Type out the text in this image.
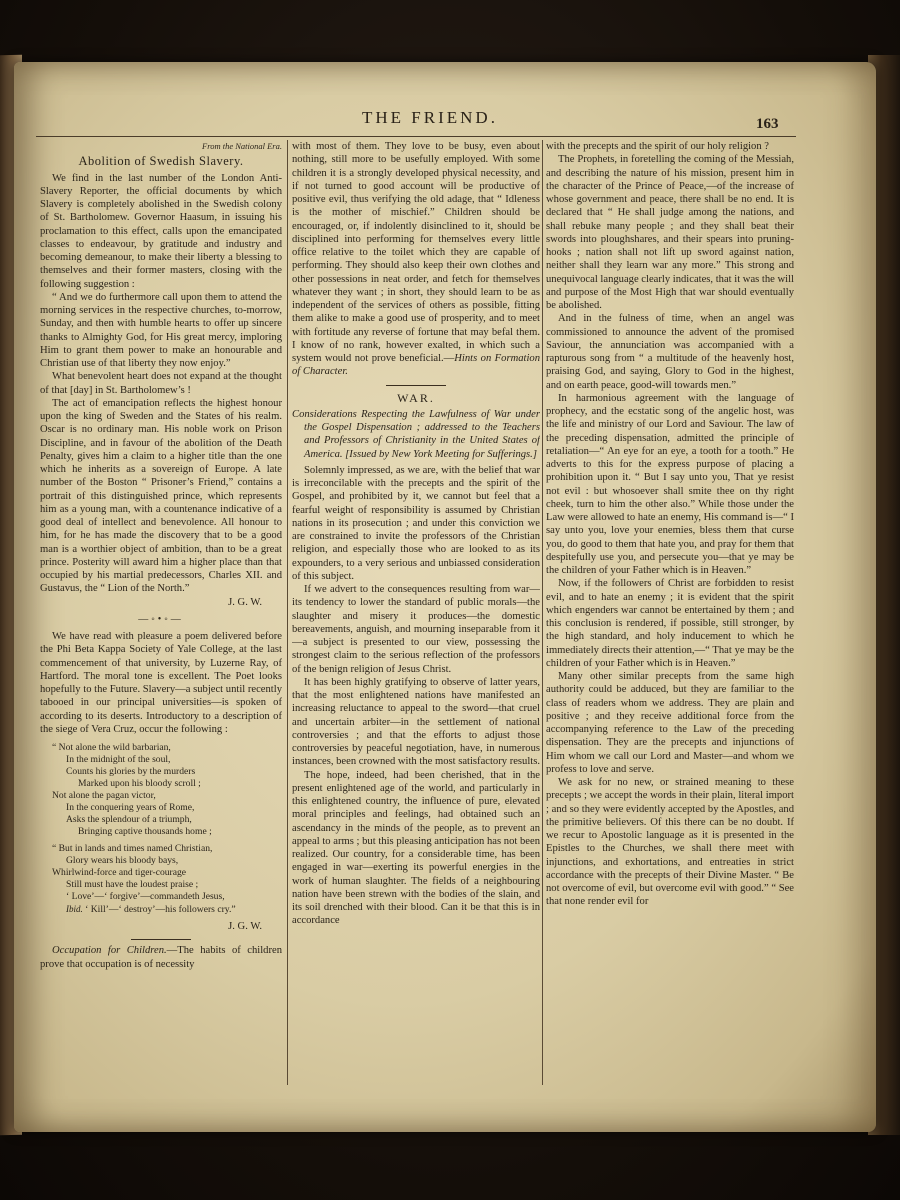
THE FRIEND.	163
From the National Era.
Abolition of Swedish Slavery.

We find in the last number of the London Anti-Slavery Reporter, the official documents by which Slavery is completely abolished in the Swedish colony of St. Bartholomew. Governor Haasum, in issuing his proclamation to this effect, calls upon the emancipated classes to endeavour, by gratitude and industry and becoming demeanour, to make their liberty a blessing to themselves and their former masters, closing with the following suggestion :

“ And we do furthermore call upon them to attend the morning services in the respective churches, to-morrow, Sunday, and then with humble hearts to offer up sincere thanks to Almighty God, for His great mercy, imploring Him to grant them power to make an honourable and Christian use of that liberty they now enjoy.”

What benevolent heart does not expand at the thought of that [day] in St. Bartholomew’s !

The act of emancipation reflects the highest honour upon the king of Sweden and the States of his realm. Oscar is no ordinary man. His noble work on Prison Discipline, and in favour of the abolition of the Death Penalty, gives him a claim to a higher title than the one which he inherits as a sovereign of Europe. A late number of the Boston “ Prisoner’s Friend,” contains a portrait of this distinguished prince, which represents him as a young man, with a countenance indicative of a good deal of intellect and benevolence. All honour to him, for he has made the discovery that to be a good man is a worthier object of ambition, than to be a great prince. Posterity will award him a higher place than that occupied by his martial predecessors, Charles XII. and Gustavus, the “ Lion of the North.”

J. G. W.
—◦•◦—

We have read with pleasure a poem delivered before the Phi Beta Kappa Society of Yale College, at the last commencement of that university, by Luzerne Ray, of Hartford. The moral tone is excellent. The Poet looks hopefully to the Future. Slavery—a subject until recently tabooed in our principal universities—is spoken of according to its deserts. Introductory to a description of the siege of Vera Cruz, occur the following :

“ Not alone the wild barbarian,
In the midnight of the soul,
Counts his glories by the murders
Marked upon his bloody scroll ;
Not alone the pagan victor,
In the conquering years of Rome,
Asks the splendour of a triumph,
Bringing captive thousands home ;
“ But in lands and times named Christian,
Glory wears his bloody bays,
Whirlwind-force and tiger-courage
Still must have the loudest praise ;
‘ Love’—‘ forgive’—commandeth Jesus,
Ibid. ‘ Kill’—‘ destroy’—his followers cry.”
J. G. W.

Occupation for Children.—The habits of children prove that occupation is of necessity

with most of them. They love to be busy, even about nothing, still more to be usefully employed. With some children it is a strongly developed physical necessity, and if not turned to good account will be productive of positive evil, thus verifying the old adage, that “ Idleness is the mother of mischief.” Children should be encouraged, or, if indolently disinclined to it, should be disciplined into performing for themselves every little office relative to the toilet which they are capable of performing. They should also keep their own clothes and other possessions in neat order, and fetch for themselves whatever they want ; in short, they should learn to be as independent of the services of others as possible, fitting them alike to make a good use of prosperity, and to meet with fortitude any reverse of fortune that may befal them. I know of no rank, however exalted, in which such a system would not prove beneficial.—Hints on Formation of Character.

WAR.
Considerations Respecting the Lawfulness of War under the Gospel Dispensation ; addressed to the Teachers and Professors of Christianity in the United States of America. [Issued by New York Meeting for Sufferings.]

Solemnly impressed, as we are, with the belief that war is irreconcilable with the precepts and the spirit of the Gospel, and prohibited by it, we cannot but feel that a fearful weight of responsibility is assumed by Christian nations in its prosecution ; and under this conviction we are constrained to invite the professors of the Christian religion, and especially those who are looked to as its expounders, to a very serious and unbiassed consideration of this subject.

If we advert to the consequences resulting from war—its tendency to lower the standard of public morals—the slaughter and misery it produces—the domestic bereavements, anguish, and mourning inseparable from it—a subject is presented to our view, possessing the strongest claim to the serious reflection of the professors of the benign religion of Jesus Christ.

It has been highly gratifying to observe of latter years, that the most enlightened nations have manifested an increasing reluctance to appeal to the sword—that cruel and uncertain arbiter—in the settlement of national controversies ; and that the efforts to adjust those controversies by peaceful negotiation, have, in numerous instances, been crowned with the most satisfactory results.

The hope, indeed, had been cherished, that in the present enlightened age of the world, and particularly in this enlightened country, the influence of pure, elevated moral principles and feelings, had obtained such an ascendancy in the minds of the people, as to prevent an appeal to arms ; but this pleasing anticipation has not been realized. Our country, for a considerable time, has been engaged in war—exerting its powerful energies in the work of human slaughter. The fields of a neighbouring nation have been strewn with the bodies of the slain, and its soil drenched with their blood. Can it be that this is in accordance

with the precepts and the spirit of our holy religion ?

The Prophets, in foretelling the coming of the Messiah, and describing the nature of his mission, present him in the character of the Prince of Peace,—of the increase of whose government and peace, there shall be no end. It is declared that “ He shall judge among the nations, and shall rebuke many people ; and they shall beat their swords into ploughshares, and their spears into pruning-hooks ; nation shall not lift up sword against nation, neither shall they learn war any more.” This strong and unequivocal language clearly indicates, that it was the will and purpose of the Most High that war should eventually be abolished.

And in the fulness of time, when an angel was commissioned to announce the advent of the promised Saviour, the annunciation was accompanied with a rapturous song from “ a multitude of the heavenly host, praising God, and saying, Glory to God in the highest, and on earth peace, good-will towards men.”

In harmonious agreement with the language of prophecy, and the ecstatic song of the angelic host, was the life and ministry of our Lord and Saviour. The law of the preceding dispensation, admitted the principle of retaliation—“ An eye for an eye, a tooth for a tooth.” He adverts to this for the express purpose of placing a prohibition upon it. “ But I say unto you, That ye resist not evil : but whosoever shall smite thee on thy right cheek, turn to him the other also.” While those under the Law were allowed to hate an enemy, His command is—“ I say unto you, love your enemies, bless them that curse you, do good to them that hate you, and pray for them that despitefully use you, and persecute you—that ye may be the children of your Father which is in Heaven.”

Now, if the followers of Christ are forbidden to resist evil, and to hate an enemy ; it is evident that the spirit which engenders war cannot be entertained by them ; and this conclusion is rendered, if possible, still stronger, by the high standard, and holy inducement to which he immediately directs their attention,—“ That ye may be the children of your Father which is in Heaven.”

Many other similar precepts from the same high authority could be adduced, but they are familiar to the class of readers whom we address. They are plain and positive ; and they receive additional force from the accompanying reference to the Law of the preceding dispensation. They are the precepts and injunctions of Him whom we call our Lord and Master—and whom we profess to love and serve.

We ask for no new, or strained meaning to these precepts ; we accept the words in their plain, literal import ; and so they were evidently accepted by the Apostles, and the primitive believers. Of this there can be no doubt. If we recur to Apostolic language as it is presented in the Epistles to the Churches, we shall there meet with injunctions, and exhortations, and entreaties in strict accordance with the precepts of their Divine Master. “ Be not overcome of evil, but overcome evil with good.” “ See that none render evil for
